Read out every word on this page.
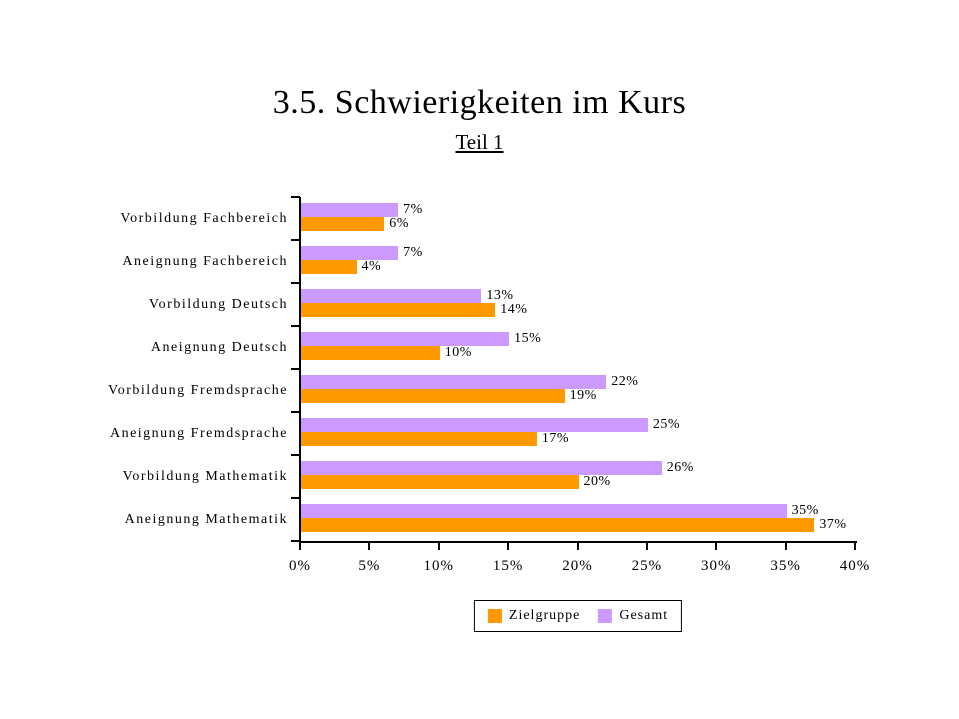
3.5. Schwierigkeiten im Kurs
Teil 1
0%	5%	10%	15%	20%	25%	30%	35%	40%
Vorbildung Fachbereich
7%
6%
Aneignung Fachbereich
7%
4%
Vorbildung Deutsch
13%
14%
Aneignung Deutsch
15%
10%
Vorbildung Fremdsprache
22%
19%
Aneignung Fremdsprache
25%
17%
Vorbildung Mathematik
26%
20%
Aneignung Mathematik
35%
37%
Zielgruppe	Gesamt
